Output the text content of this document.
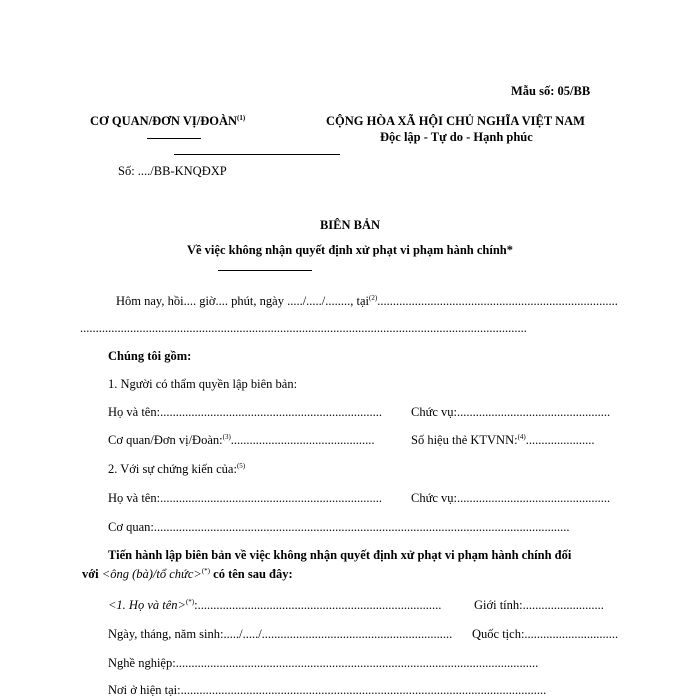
Mẫu số: 05/BB
CƠ QUAN/ĐƠN VỊ/ĐOÀN$^{(1)}$	CỘNG HÒA XÃ HỘI CHỦ NGHĨA VIỆT NAM
Độc lập - Tự do - Hạnh phúc
Số: ..../BB-KNQĐXP
BIÊN BẢN
Về việc không nhận quyết định xử phạt vi phạm hành chính*
Hôm nay, hồi.... giờ.... phút, ngày ...../...../........, tại$^{(2)}$.............................................................................
...............................................................................................................................................
Chúng tôi gồm:
1. Người có thẩm quyền lập biên bản:
Họ và tên:....................................................................... Chức vụ:.................................................
Cơ quan/Đơn vị/Đoàn:$^{(3)}$..............................................	Số hiệu thẻ KTVNN:$^{(4)}$......................
2. Với sự chứng kiến của:$^{(5)}$
Họ và tên:....................................................................... Chức vụ:.................................................
Cơ quan:.....................................................................................................................................
Tiến hành lập biên bản về việc không nhận quyết định xử phạt vi phạm hành chính đối
với <ông (bà)/tổ chức>(*) có tên sau đây:
<1. Họ và tên>(*):..............................................................................	Giới tính:..........................
Ngày, tháng, năm sinh:...../...../............................................................. Quốc tịch:..............................
Nghề nghiệp:....................................................................................................................
Nơi ở hiện tại:.....................................................................................................................
